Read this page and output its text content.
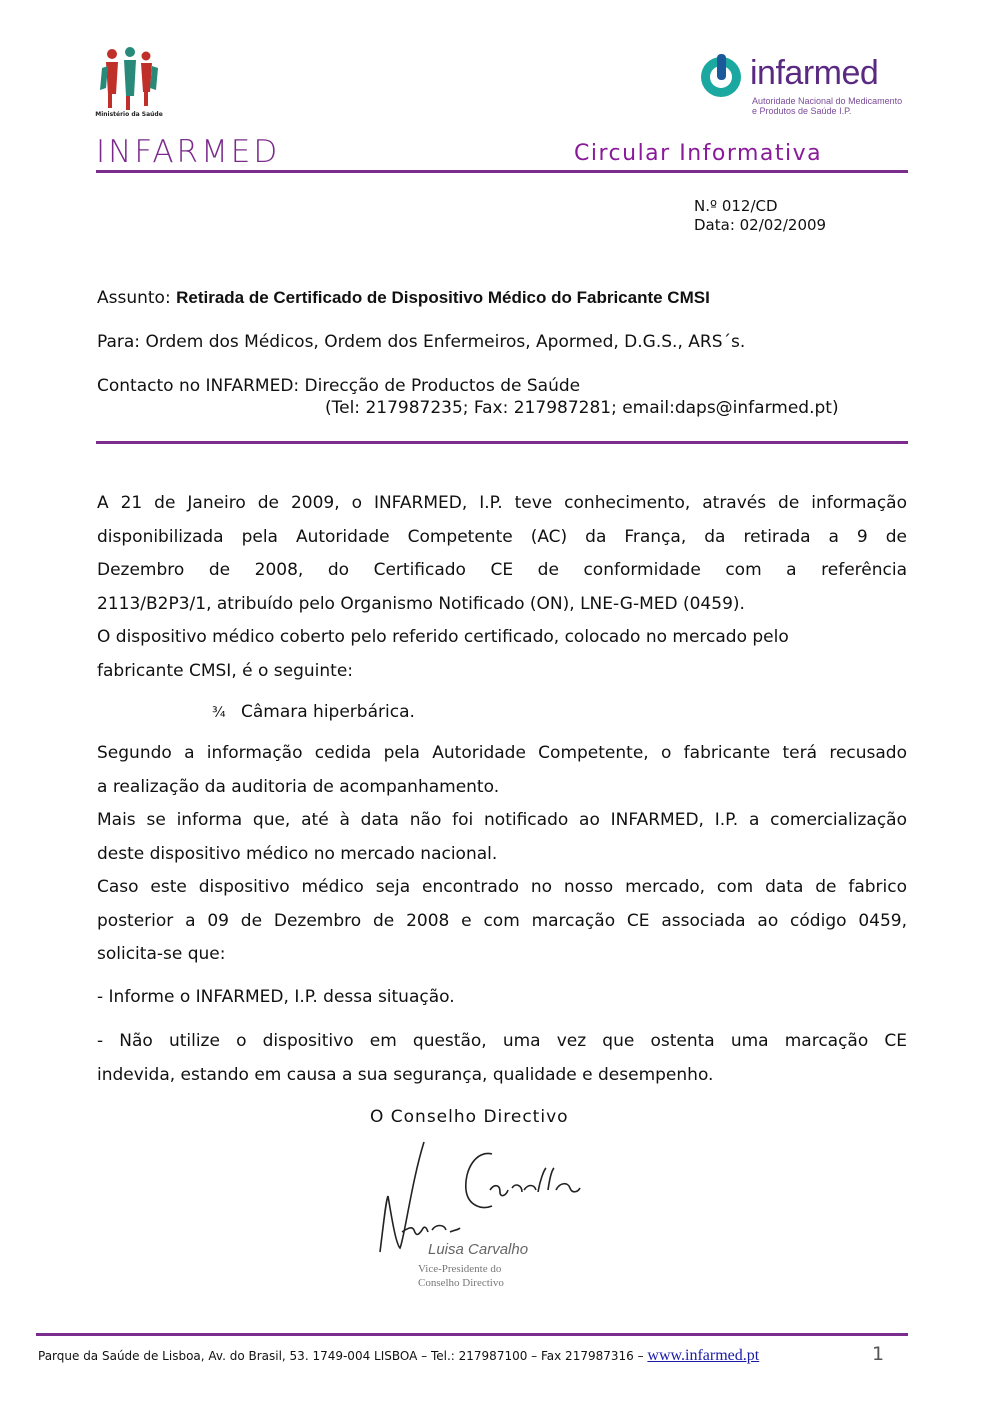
Ministério da Saúde
infarmed
Autoridade Nacional do Medicamento
e Produtos de Saúde I.P.
INFARMED	Circular Informativa
N.º 012/CD
Data: 02/02/2009
Assunto: Retirada de Certificado de Dispositivo Médico do Fabricante CMSI
Para: Ordem dos Médicos, Ordem dos Enfermeiros, Apormed, D.G.S., ARS´s.
Contacto no INFARMED: Direcção de Productos de Saúde
(Tel: 217987235; Fax: 217987281; email:daps@infarmed.pt)
A 21 de Janeiro de 2009, o INFARMED, I.P. teve conhecimento, através de informação
disponibilizada pela Autoridade Competente (AC) da França, da retirada a 9 de
Dezembro de 2008, do Certificado CE de conformidade com a referência
2113/B2P3/1, atribuído pelo Organismo Notificado (ON), LNE-G-MED (0459).
O dispositivo médico coberto pelo referido certificado, colocado no mercado pelo
fabricante CMSI, é o seguinte:
¾ Câmara hiperbárica.
Segundo a informação cedida pela Autoridade Competente, o fabricante terá recusado
a realização da auditoria de acompanhamento.
Mais se informa que, até à data não foi notificado ao INFARMED, I.P. a comercialização
deste dispositivo médico no mercado nacional.
Caso este dispositivo médico seja encontrado no nosso mercado, com data de fabrico
posterior a 09 de Dezembro de 2008 e com marcação CE associada ao código 0459,
solicita-se que:
- Informe o INFARMED, I.P. dessa situação.
- Não utilize o dispositivo em questão, uma vez que ostenta uma marcação CE
indevida, estando em causa a sua segurança, qualidade e desempenho.
O Conselho Directivo
Luisa Carvalho
Vice-Presidente do
Conselho Directivo
Parque da Saúde de Lisboa, Av. do Brasil, 53. 1749-004 LISBOA – Tel.: 217987100 – Fax 217987316 – www.infarmed.pt	1
